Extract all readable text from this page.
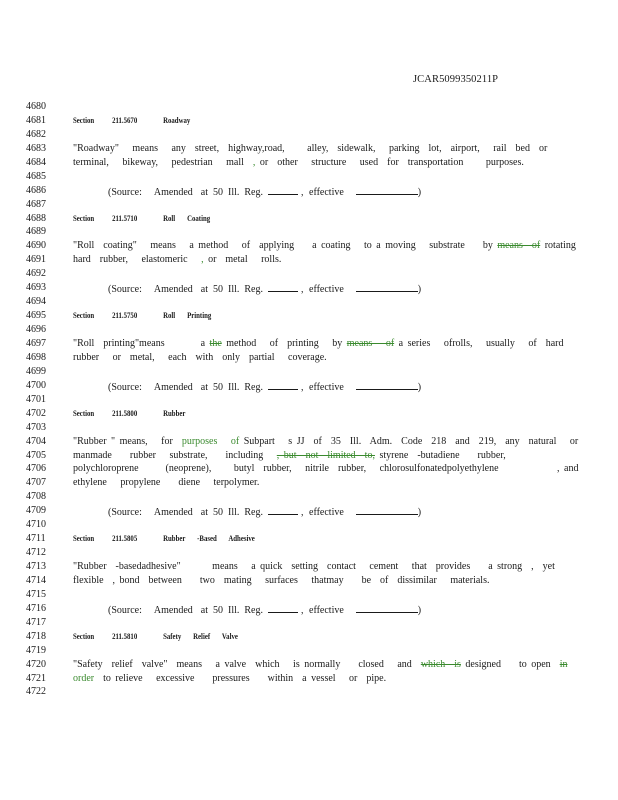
JCAR5099350211P
4680
4681
4682
4683
4684
4685
4686
4687
4688
4689
4690
4691
4692
4693
4694
4695
4696
4697
4698
4699
4700
4701
4702
4703
4704
4705
4706
4707
4708
4709
4710
4711
4712
4713
4714
4715
4716
4717
4718
4719
4720
4721
4722
Section 211.5670	Roadway
"Roadway"   means   any  street,  highway,road,     alley,  sidewalk,   parking  lot,  airport,   rail  bed  or
terminal,   bikeway,   pedestrian   mall  , or  other   structure   used  for  transportation     purposes.
(Source: Amended at 50 Ill. Reg.	, effective	)
Section 211.5710	Roll Coating
"Roll  coating"   means   a method   of  applying    a coating   to a moving   substrate    by means  of rotating
hard  rubber,   elastomeric   , or  metal   rolls.
(Source: Amended at 50 Ill. Reg.	, effective	)
Section 211.5750	Roll Printing
"Roll  printing"means        a the method   of  printing   by means   of a series   ofrolls,   usually   of  hard
rubber   or  metal,   each  with  only  partial   coverage.
(Source: Amended at 50 Ill. Reg.	, effective	)
Section 211.5800	Rubber
"Rubber " means,   for  purposes   of Subpart   s JJ  of  35  Ill.  Adm.  Code  218  and  219,  any  natural   or
manmade    rubber   substrate,    including   , but  not  limited  to, styrene  -butadiene    rubber,
polychloroprene      (neoprene),     butyl  rubber,   nitrile  rubber,   chlorosulfonatedpolyethylene             , and
ethylene   propylene    diene   terpolymer.
(Source: Amended at 50 Ill. Reg.	, effective	)
Section 211.5805	Rubber -Based Adhesive
"Rubber  -basedadhesive"       means   a quick  setting  contact   cement   that  provides    a strong  ,  yet
flexible  , bond  between    two  mating   surfaces   thatmay    be  of  dissimilar   materials.
(Source: Amended at 50 Ill. Reg.	, effective	)
Section 211.5810	Safety Relief Valve
"Safety  relief  valve"  means   a valve  which   is normally    closed   and  which  is designed    to open  in
order  to relieve   excessive    pressures    within  a vessel   or  pipe.
